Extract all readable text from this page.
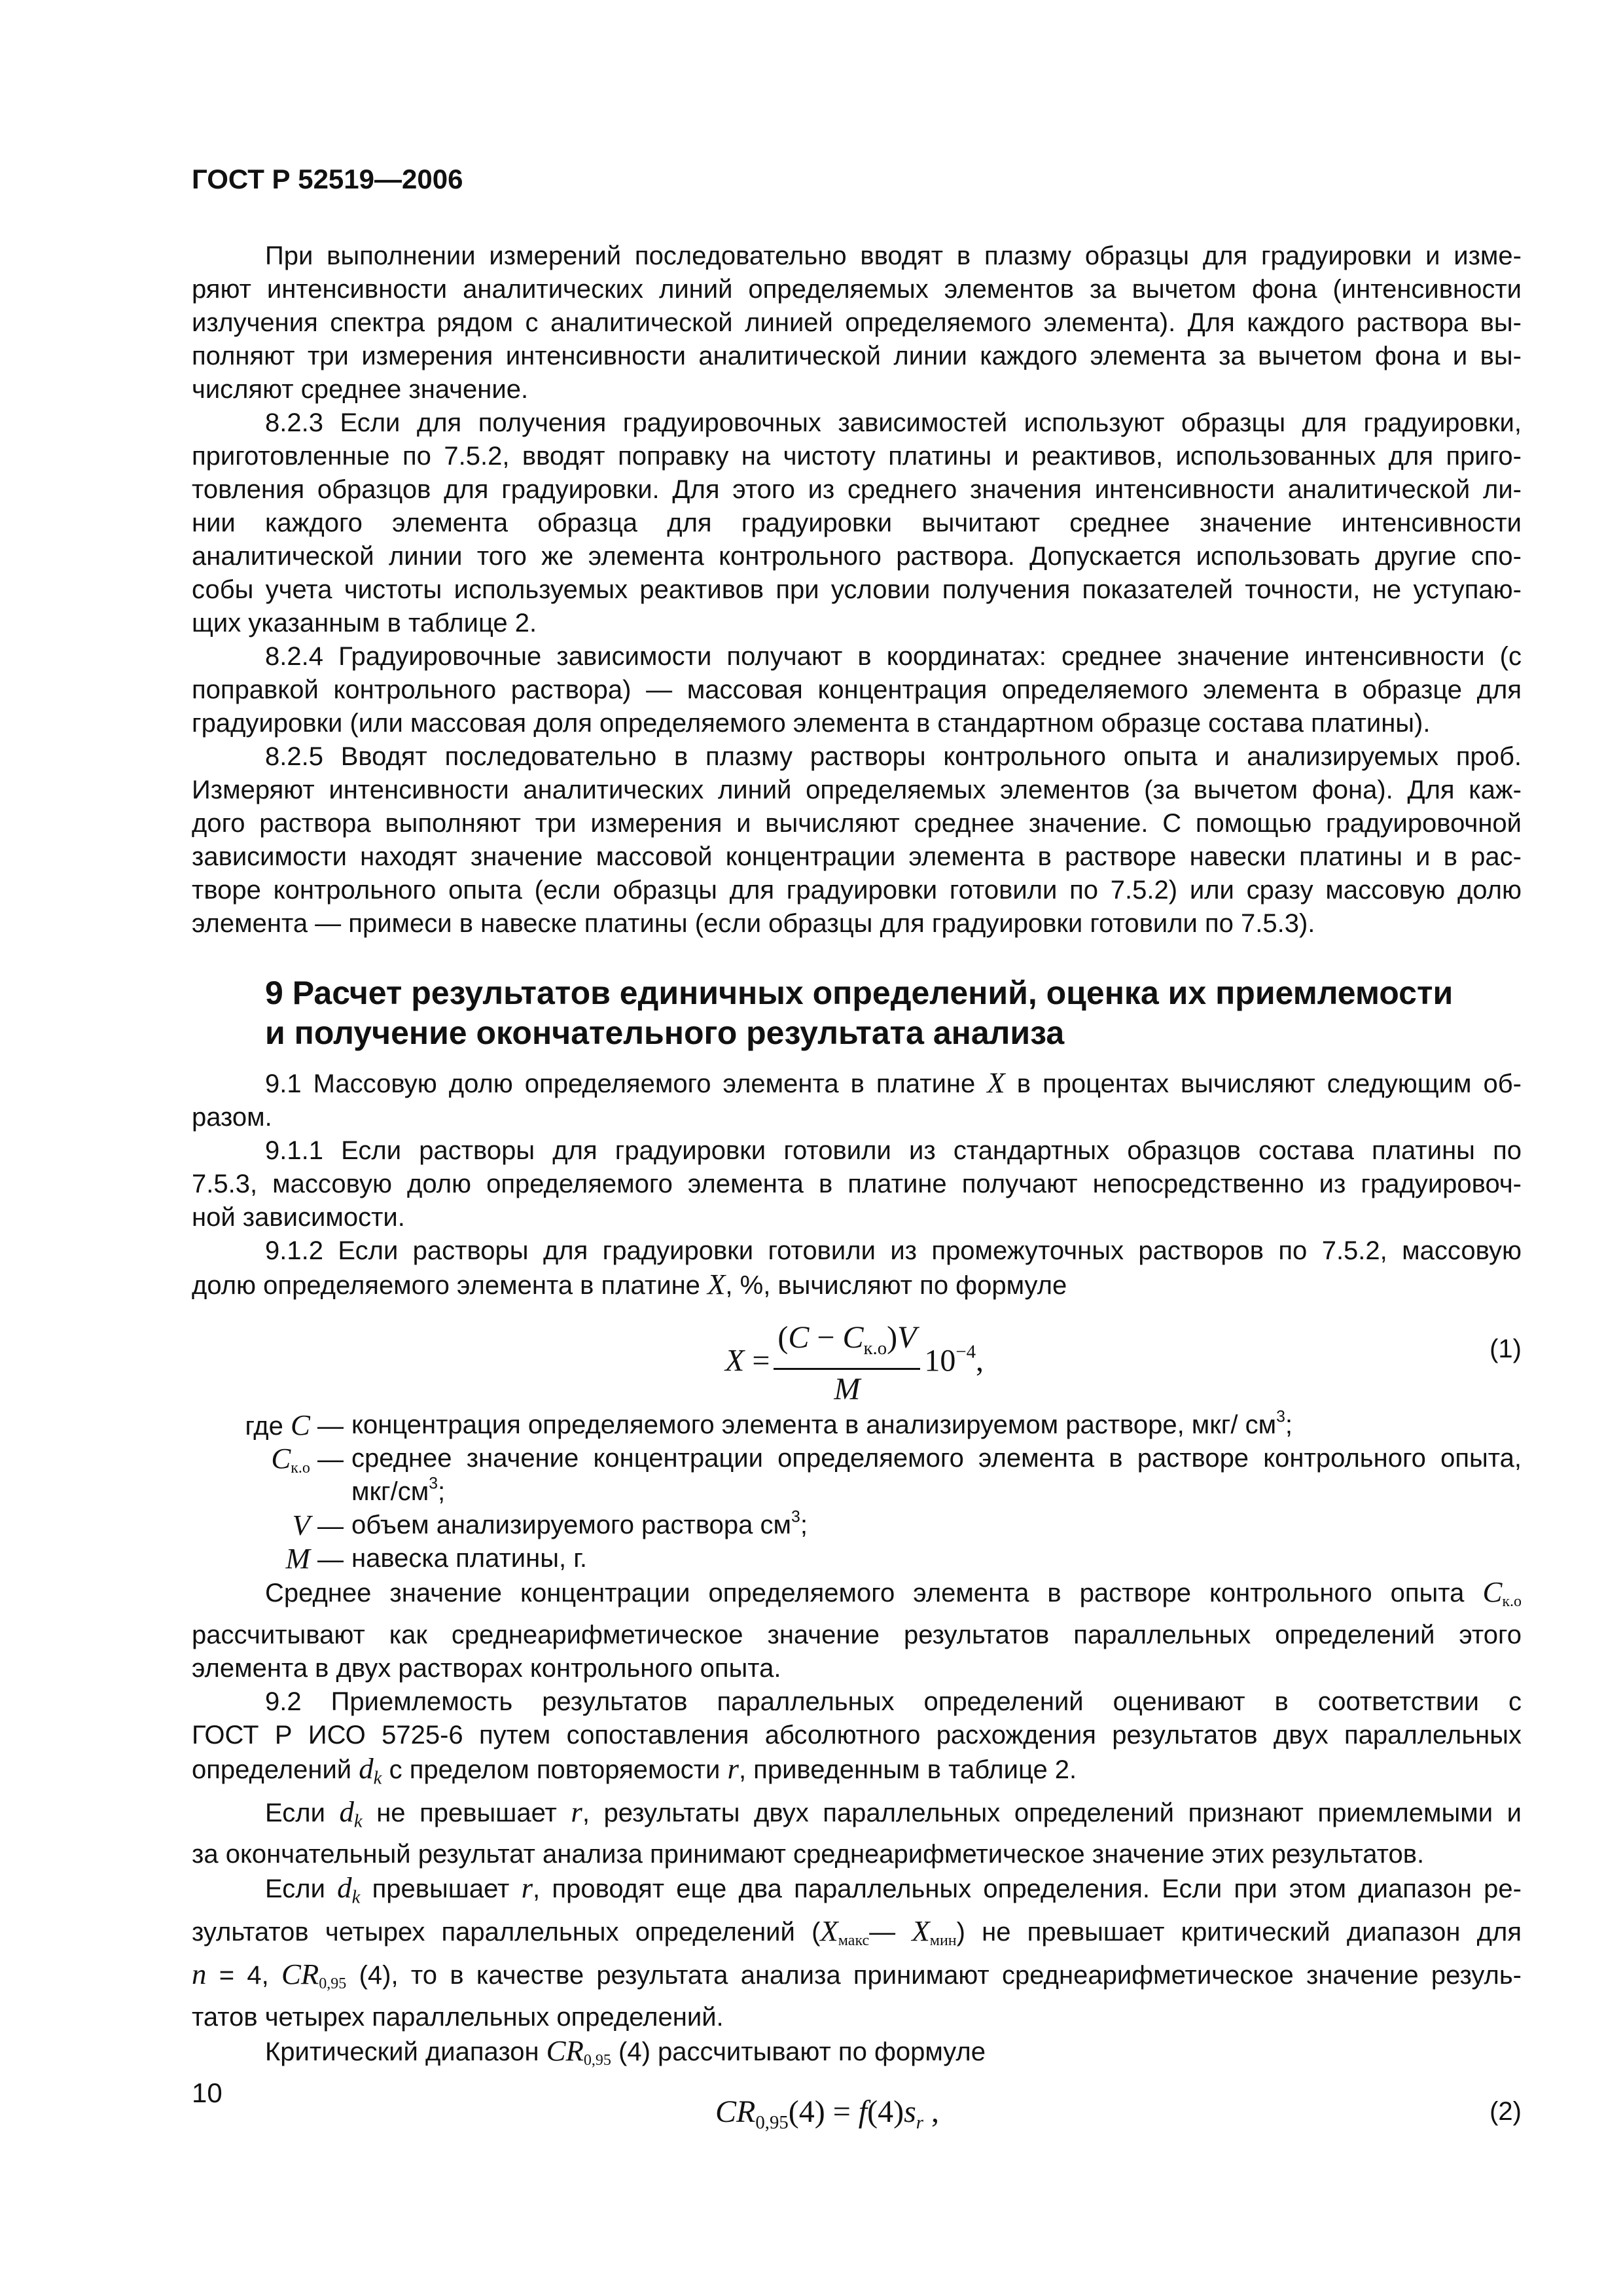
ГОСТ Р 52519—2006
При выполнении измерений последовательно вводят в плазму образцы для градуировки и изме-
ряют интенсивности аналитических линий определяемых элементов за вычетом фона (интенсивности
излучения спектра рядом с аналитической линией определяемого элемента). Для каждого раствора вы-
полняют три измерения интенсивности аналитической линии каждого элемента за вычетом фона и вы-
числяют среднее значение.
8.2.3 Если для получения градуировочных зависимостей используют образцы для градуировки,
приготовленные по 7.5.2, вводят поправку на чистоту платины и реактивов, использованных для приго-
товления образцов для градуировки. Для этого из среднего значения интенсивности аналитической ли-
нии каждого элемента образца для градуировки вычитают среднее значение интенсивности
аналитической линии того же элемента контрольного раствора. Допускается использовать другие спо-
собы учета чистоты используемых реактивов при условии получения показателей точности, не уступаю-
щих указанным в таблице 2.
8.2.4 Градуировочные зависимости получают в координатах: среднее значение интенсивности (с
поправкой контрольного раствора) — массовая концентрация определяемого элемента в образце для
градуировки (или массовая доля определяемого элемента в стандартном образце состава платины).
8.2.5 Вводят последовательно в плазму растворы контрольного опыта и анализируемых проб.
Измеряют интенсивности аналитических линий определяемых элементов (за вычетом фона). Для каж-
дого раствора выполняют три измерения и вычисляют среднее значение. С помощью градуировочной
зависимости находят значение массовой концентрации элемента в растворе навески платины и в рас-
творе контрольного опыта (если образцы для градуировки готовили по 7.5.2) или сразу массовую долю
элемента — примеси в навеске платины (если образцы для градуировки готовили по 7.5.3).
9 Расчет результатов единичных определений, оценка их приемлемости
и получение окончательного результата анализа
9.1 Массовую долю определяемого элемента в платине X в процентах вычисляют следующим об-
разом.
9.1.1 Если растворы для градуировки готовили из стандартных образцов состава платины по
7.5.3, массовую долю определяемого элемента в платине получают непосредственно из градуировоч-
ной зависимости.
9.1.2 Если растворы для градуировки готовили из промежуточных растворов по 7.5.2, массовую
долю определяемого элемента в платине X, %, вычисляют по формуле
$X = \frac{(C - C_{к.о})V}{M} 10^{-4}$,	(1)
где C — концентрация определяемого элемента в анализируемом растворе, мкг/ $см^3$;
Cк.о — среднее значение концентрации определяемого элемента в растворе контрольного опыта,
мкг/$см^3$;
V — объем анализируемого раствора $см^3$;
M — навеска платины, г.
Среднее значение концентрации определяемого элемента в растворе контрольного опыта Cк.о
рассчитывают как среднеарифметическое значение результатов параллельных определений этого
элемента в двух растворах контрольного опыта.
9.2 Приемлемость результатов параллельных определений оценивают в соответствии с
ГОСТ Р ИСО 5725-6 путем сопоставления абсолютного расхождения результатов двух параллельных
определений $d_k$ с пределом повторяемости r, приведенным в таблице 2.
Если $d_k$ не превышает r, результаты двух параллельных определений признают приемлемыми и
за окончательный результат анализа принимают среднеарифметическое значение этих результатов.
Если $d_k$ превышает r, проводят еще два параллельных определения. Если при этом диапазон ре-
зультатов четырех параллельных определений (Xмакс— Xмин) не превышает критический диапазон для
n = 4, CR0,95 (4), то в качестве результата анализа принимают среднеарифметическое значение резуль-
татов четырех параллельных определений.
Критический диапазон CR0,95 (4) рассчитывают по формуле
$CR_{0,95}(4) = f(4)s_r$ ,	(2)
10
